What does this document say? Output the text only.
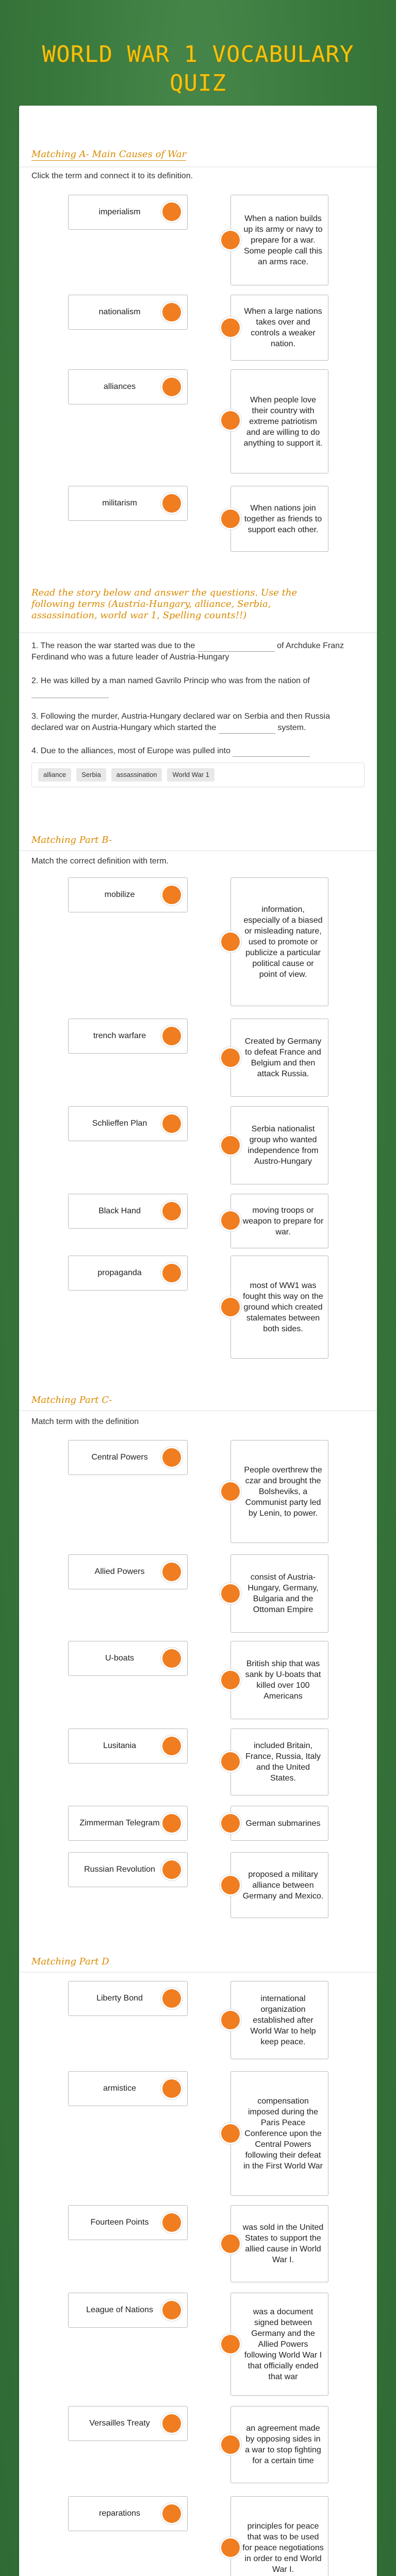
WORLD WAR 1 VOCABULARY
QUIZ
Matching A- Main Causes of War
Click the term and connect it to its definition.
imperialism
When a nation builds up its army or navy to prepare for a war. Some people call this an arms race.
nationalism	When a large nations takes over and controls a weaker nation.
alliances
When people love their country with extreme patriotism and are willing to do anything to support it.
militarism
When nations join together as friends to support each other.
Read the story below and answer the questions. Use the following terms (Austria-Hungary, alliance, Serbia, assassination, world war 1, Spelling counts!!)
1. The reason the war started was due to the	of Archduke Franz Ferdinand who was a future leader of Austria-Hungary
2. He was killed by a man named Gavrilo Princip who was from the nation of
3. Following the murder, Austria-Hungary declared war on Serbia and then Russia declared war on Austria-Hungary which started the	system.
4. Due to the alliances, most of Europe was pulled into
alliance	Serbia	assassination	World War 1
Matching Part B-
Match the correct definition with term.
mobilize
information, especially of a biased or misleading nature, used to promote or publicize a particular political cause or point of view.
trench warfare
Created by Germany to defeat France and Belgium and then attack Russia.
Schlieffen Plan
Serbia nationalist group who wanted independence from Austro-Hungary
Black Hand	moving troops or weapon to prepare for war.
propaganda
most of WW1 was fought this way on the ground which created stalemates between both sides.
Matching Part C-
Match term with the definition
Central Powers
People overthrew the czar and brought the Bolsheviks, a Communist party led by Lenin, to power.
Allied Powers
consist of Austria-Hungary, Germany, Bulgaria and the Ottoman Empire
U-boats
British ship that was sank by U-boats that killed over 100 Americans
Lusitania	included Britain, France, Russia, Italy and the United States.
Zimmerman Telegram	German submarines
Russian Revolution
proposed a military alliance between Germany and Mexico.
Matching Part D
Liberty Bond	international organization established after World War to help keep peace.
armistice
compensation imposed during the Paris Peace Conference upon the Central Powers following their defeat in the First World War
Fourteen Points
was sold in the United States to support the allied cause in World War I.
League of Nations	was a document signed between Germany and the Allied Powers following World War I that officially ended that war
Versailles Treaty
an agreement made by opposing sides in a war to stop fighting for a certain time
reparations
principles for peace that was to be used for peace negotiations in order to end World War I.
